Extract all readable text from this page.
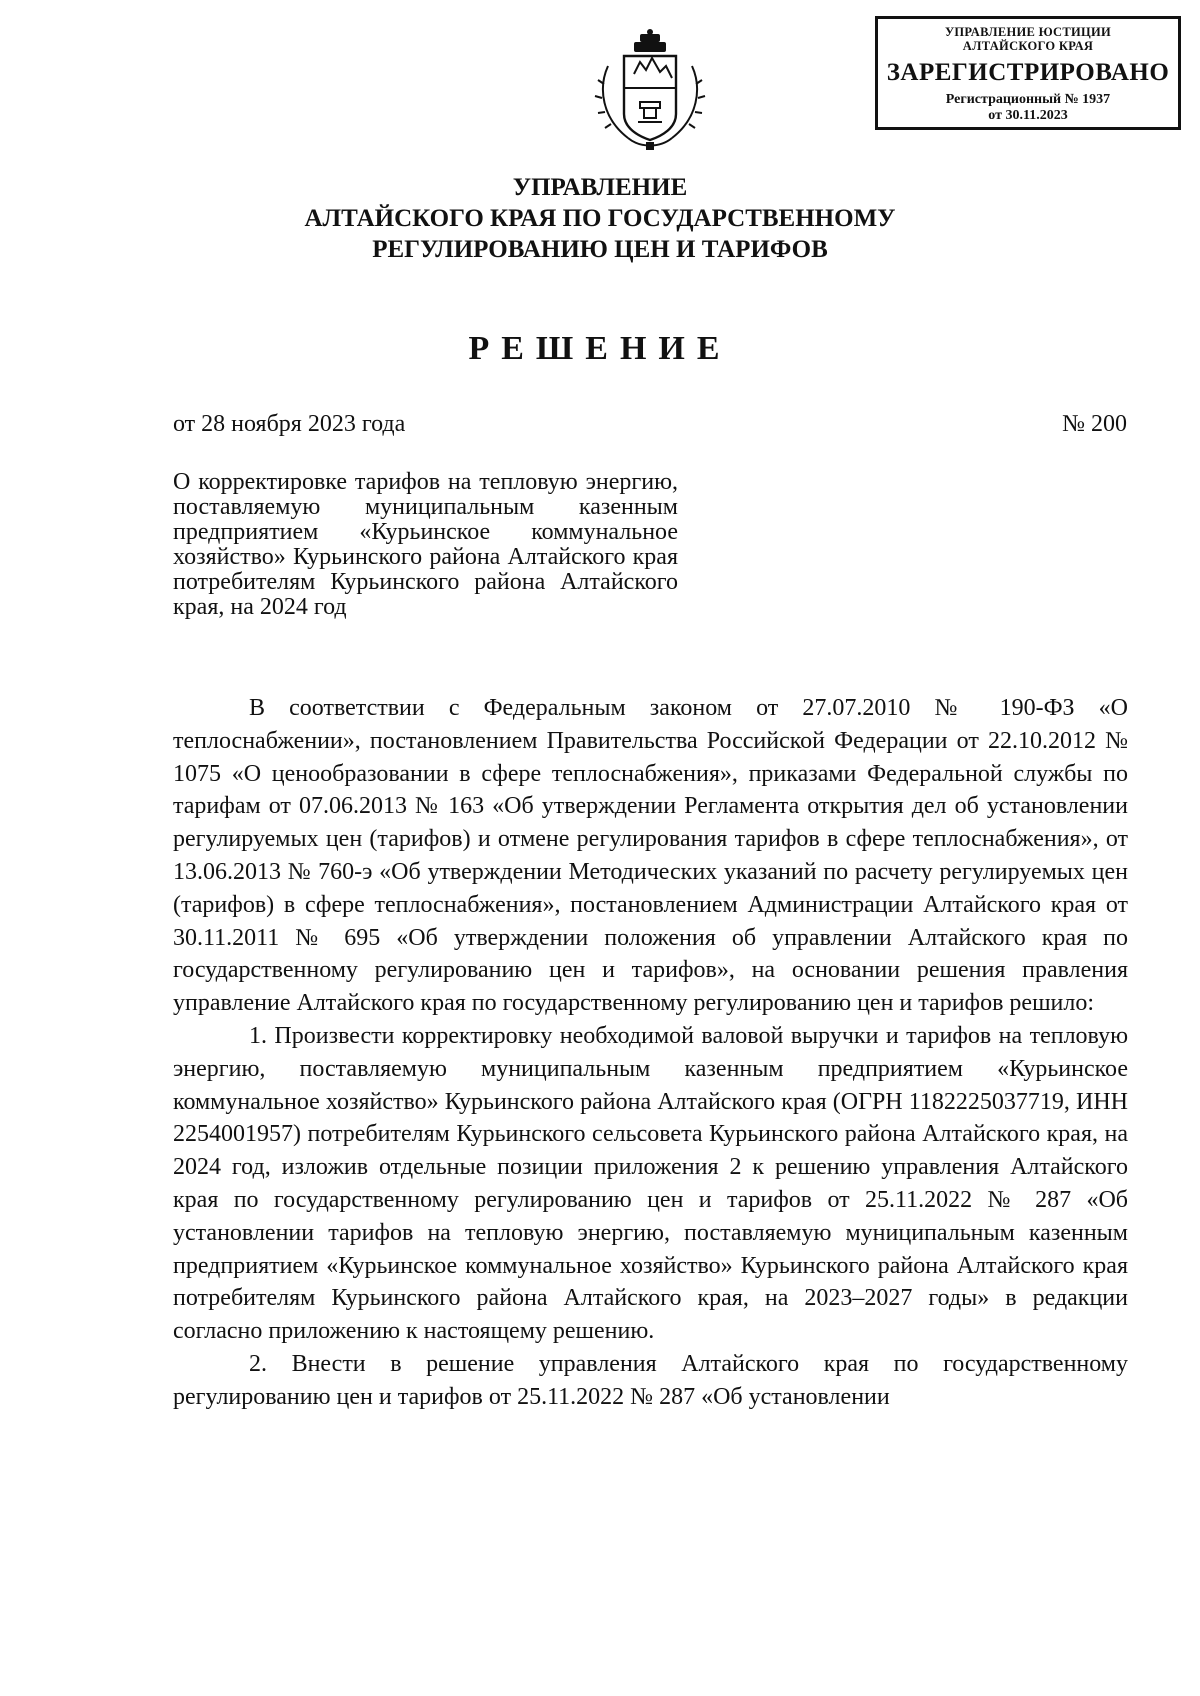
УПРАВЛЕНИЕ ЮСТИЦИИ
АЛТАЙСКОГО КРАЯ
ЗАРЕГИСТРИРОВАНО
Регистрационный № 1937
от 30.11.2023
УПРАВЛЕНИЕ
АЛТАЙСКОГО КРАЯ ПО ГОСУДАРСТВЕННОМУ
РЕГУЛИРОВАНИЮ ЦЕН И ТАРИФОВ
РЕШЕНИЕ
от 28 ноября 2023 года	№ 200
О корректировке тарифов на тепловую энергию, поставляемую муниципальным казенным предприятием «Курьинское коммунальное хозяйство» Курьинского района Алтайского края потребителям Курьинского района Алтайского края, на 2024 год

В соответствии с Федеральным законом от 27.07.2010 № 190-ФЗ «О теплоснабжении», постановлением Правительства Российской Федерации от 22.10.2012 № 1075 «О ценообразовании в сфере теплоснабжения», приказами Федеральной службы по тарифам от 07.06.2013 № 163 «Об утверждении Регламента открытия дел об установлении регулируемых цен (тарифов) и отмене регулирования тарифов в сфере теплоснабжения», от 13.06.2013 № 760-э «Об утверждении Методических указаний по расчету регулируемых цен (тарифов) в сфере теплоснабжения», постановлением Администрации Алтайского края от 30.11.2011 № 695 «Об утверждении положения об управлении Алтайского края по государственному регулированию цен и тарифов», на основании решения правления управление Алтайского края по государственному регулированию цен и тарифов решило:

1. Произвести корректировку необходимой валовой выручки и тарифов на тепловую энергию, поставляемую муниципальным казенным предприятием «Курьинское коммунальное хозяйство» Курьинского района Алтайского края (ОГРН 1182225037719, ИНН 2254001957) потребителям Курьинского сельсовета Курьинского района Алтайского края, на 2024 год, изложив отдельные позиции приложения 2 к решению управления Алтайского края по государственному регулированию цен и тарифов от 25.11.2022 № 287 «Об установлении тарифов на тепловую энергию, поставляемую муниципальным казенным предприятием «Курьинское коммунальное хозяйство» Курьинского района Алтайского края потребителям Курьинского района Алтайского края, на 2023–2027 годы» в редакции согласно приложению к настоящему решению.

2. Внести в решение управления Алтайского края по государственному регулированию цен и тарифов от 25.11.2022 № 287 «Об установлении
